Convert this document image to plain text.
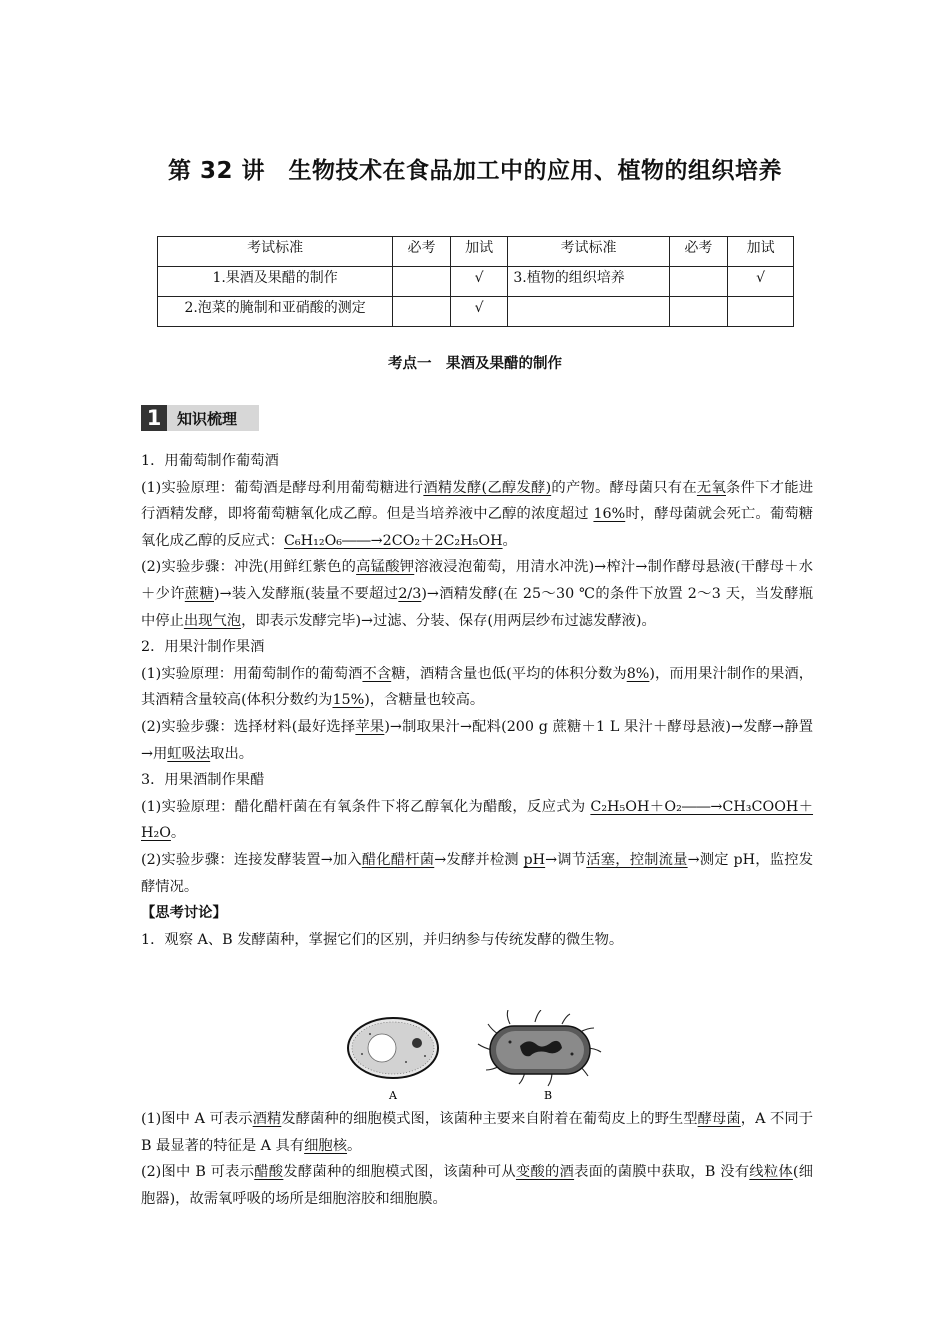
第 32 讲　生物技术在食品加工中的应用、植物的组织培养
考试标准	必考	加试	考试标准	必考	加试
1.果酒及果醋的制作		√	3.植物的组织培养		√
2.泡菜的腌制和亚硝酸的测定		√			
考点一　果酒及果醋的制作
1	知识梳理

1．用葡萄制作葡萄酒

(1)实验原理：葡萄酒是酵母利用葡萄糖进行酒精发酵(乙醇发酵)的产物。酵母菌只有在无氧条件下才能进行酒精发酵，即将葡萄糖氧化成乙醇。但是当培养液中乙醇的浓度超过 16%时，酵母菌就会死亡。葡萄糖氧化成乙醇的反应式：C₆H₁₂O₆――→2CO₂＋2C₂H₅OH。

(2)实验步骤：冲洗(用鲜红紫色的高锰酸钾溶液浸泡葡萄，用清水冲洗)→榨汁→制作酵母悬液(干酵母＋水＋少许蔗糖)→装入发酵瓶(装量不要超过2/3)→酒精发酵(在 25～30 ℃的条件下放置 2～3 天，当发酵瓶中停止出现气泡，即表示发酵完毕)→过滤、分装、保存(用两层纱布过滤发酵液)。

2．用果汁制作果酒

(1)实验原理：用葡萄制作的葡萄酒不含糖，酒精含量也低(平均的体积分数为8%)，而用果汁制作的果酒，其酒精含量较高(体积分数约为15%)，含糖量也较高。

(2)实验步骤：选择材料(最好选择苹果)→制取果汁→配料(200 g 蔗糖＋1 L 果汁＋酵母悬液)→发酵→静置→用虹吸法取出。

3．用果酒制作果醋

(1)实验原理：醋化醋杆菌在有氧条件下将乙醇氧化为醋酸，反应式为 C₂H₅OH＋O₂――→CH₃COOH＋H₂O。

(2)实验步骤：连接发酵装置→加入醋化醋杆菌→发酵并检测 pH→调节活塞，控制流量→测定 pH，监控发酵情况。

【思考讨论】

1．观察 A、B 发酵菌种，掌握它们的区别，并归纳参与传统发酵的微生物。

A	B

(1)图中 A 可表示酒精发酵菌种的细胞模式图，该菌种主要来自附着在葡萄皮上的野生型酵母菌，A 不同于 B 最显著的特征是 A 具有细胞核。

(2)图中 B 可表示醋酸发酵菌种的细胞模式图，该菌种可从变酸的酒表面的菌膜中获取，B 没有线粒体(细胞器)，故需氧呼吸的场所是细胞溶胶和细胞膜。
